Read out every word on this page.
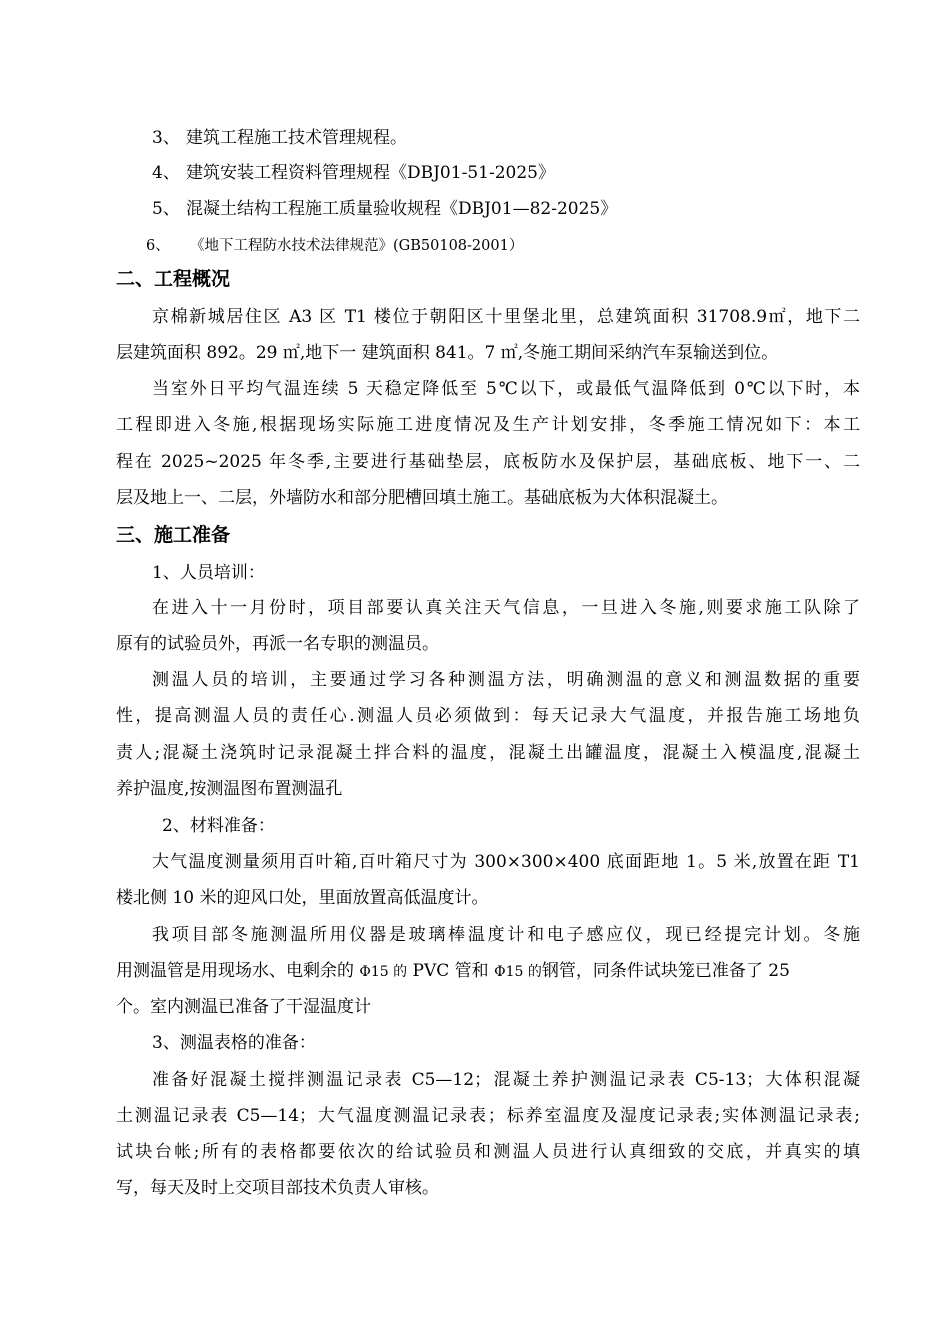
3、 建筑工程施工技术管理规程。
4、 建筑安装工程资料管理规程《DBJ01-51-2025》
5、 混凝土结构工程施工质量验收规程《DBJ01—82-2025》
6、 《地下工程防水技术法律规范》(GB50108-2001）
二、工程概况
京棉新城居住区 A3 区 T1 楼位于朝阳区十里堡北里，总建筑面积 31708.9㎡，地下二
层建筑面积 892。29 ㎡,地下一 建筑面积 841。7 ㎡,冬施工期间采纳汽车泵输送到位。
当室外日平均气温连续 5 天稳定降低至 5℃以下，或最低气温降低到 0℃以下时，本
工程即进入冬施,根据现场实际施工进度情况及生产计划安排，冬季施工情况如下：本工
程在 2025~2025 年冬季,主要进行基础垫层，底板防水及保护层，基础底板、地下一、二
层及地上一、二层，外墙防水和部分肥槽回填土施工。基础底板为大体积混凝土。
三、施工准备
1、人员培训：
在进入十一月份时，项目部要认真关注天气信息，一旦进入冬施,则要求施工队除了
原有的试验员外，再派一名专职的测温员。
测温人员的培训，主要通过学习各种测温方法，明确测温的意义和测温数据的重要
性，提高测温人员的责任心.测温人员必须做到：每天记录大气温度，并报告施工场地负
责人;混凝土浇筑时记录混凝土拌合料的温度，混凝土出罐温度，混凝土入模温度,混凝土
养护温度,按测温图布置测温孔
2、材料准备：
大气温度测量须用百叶箱,百叶箱尺寸为 300×300×400 底面距地 1。5 米,放置在距 T1
楼北侧 10 米的迎风口处，里面放置高低温度计。
我项目部冬施测温所用仪器是玻璃棒温度计和电子感应仪，现已经提完计划。冬施
用测温管是用现场水、电剩余的 Φ15 的 PVC 管和 Φ15 的钢管，同条件试块笼已准备了 25
个。室内测温已准备了干湿温度计
3、测温表格的准备：
准备好混凝土搅拌测温记录表 C5—12；混凝土养护测温记录表 C5-13；大体积混凝
土测温记录表 C5—14；大气温度测温记录表；标养室温度及湿度记录表;实体测温记录表;
试块台帐;所有的表格都要依次的给试验员和测温人员进行认真细致的交底，并真实的填
写，每天及时上交项目部技术负责人审核。
